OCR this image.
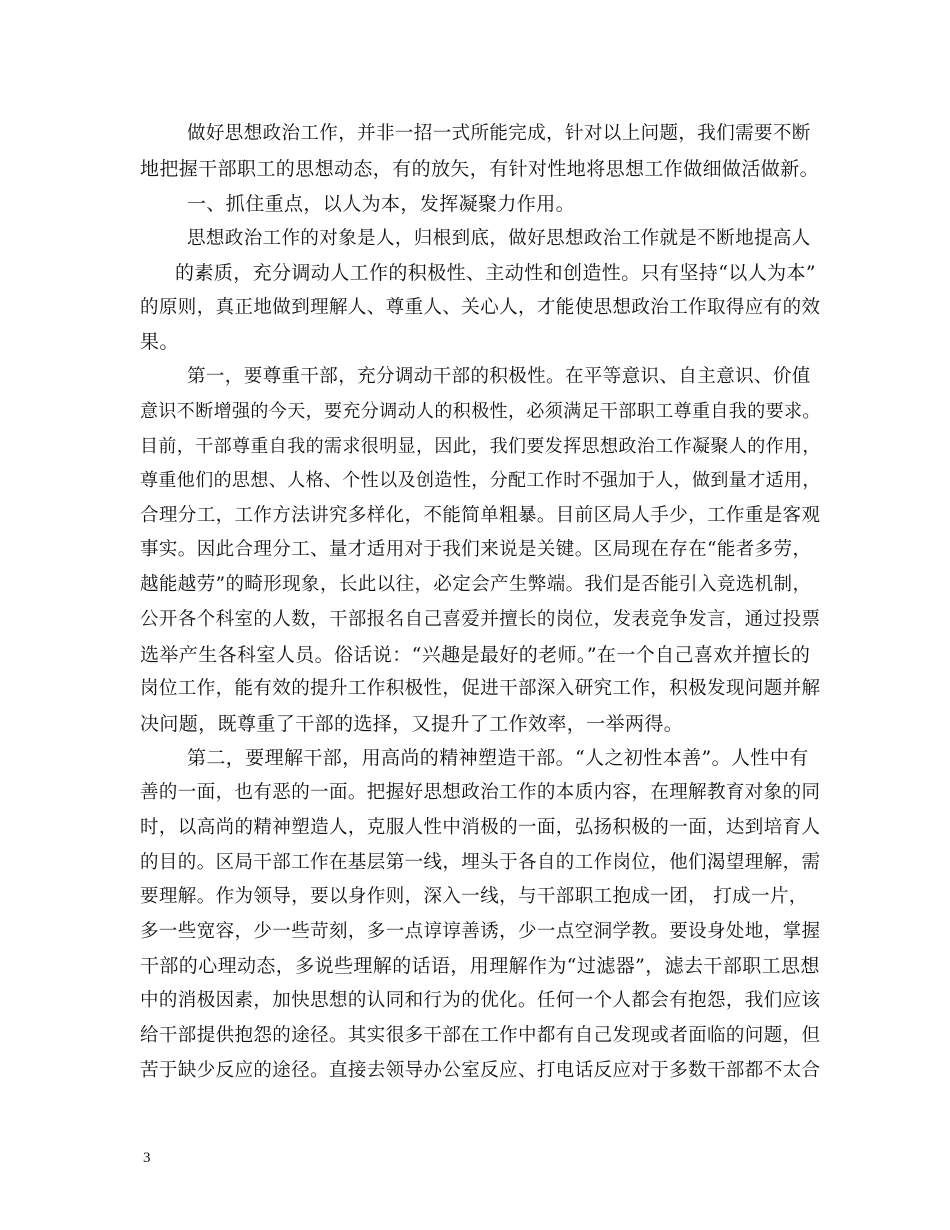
做好思想政治工作，并非一招一式所能完成，针对以上问题，我们需要不断
地把握干部职工的思想动态，有的放矢，有针对性地将思想工作做细做活做新。
一、抓住重点，以人为本，发挥凝聚力作用。
思想政治工作的对象是人，归根到底，做好思想政治工作就是不断地提高人
的素质，充分调动人工作的积极性、主动性和创造性。只有坚持“以人为本”
的原则，真正地做到理解人、尊重人、关心人，才能使思想政治工作取得应有的效
果。
第一，要尊重干部，充分调动干部的积极性。在平等意识、自主意识、价值
意识不断增强的今天，要充分调动人的积极性，必须满足干部职工尊重自我的要求。
目前，干部尊重自我的需求很明显，因此，我们要发挥思想政治工作凝聚人的作用，
尊重他们的思想、人格、个性以及创造性，分配工作时不强加于人，做到量才适用，
合理分工，工作方法讲究多样化，不能简单粗暴。目前区局人手少，工作重是客观
事实。因此合理分工、量才适用对于我们来说是关键。区局现在存在“能者多劳，
越能越劳”的畸形现象，长此以往，必定会产生弊端。我们是否能引入竞选机制，
公开各个科室的人数，干部报名自己喜爱并擅长的岗位，发表竞争发言，通过投票
选举产生各科室人员。俗话说：“兴趣是最好的老师。”在一个自己喜欢并擅长的
岗位工作，能有效的提升工作积极性，促进干部深入研究工作，积极发现问题并解
决问题，既尊重了干部的选择，又提升了工作效率，一举两得。
第二，要理解干部，用高尚的精神塑造干部。“人之初性本善”。人性中有
善的一面，也有恶的一面。把握好思想政治工作的本质内容，在理解教育对象的同
时，以高尚的精神塑造人，克服人性中消极的一面，弘扬积极的一面，达到培育人
的目的。区局干部工作在基层第一线，埋头于各自的工作岗位，他们渴望理解，需
要理解。作为领导，要以身作则，深入一线，与干部职工抱成一团， 打成一片，
多一些宽容，少一些苛刻，多一点谆谆善诱，少一点空洞学教。要设身处地，掌握
干部的心理动态，多说些理解的话语，用理解作为“过滤器”，滤去干部职工思想
中的消极因素，加快思想的认同和行为的优化。任何一个人都会有抱怨，我们应该
给干部提供抱怨的途径。其实很多干部在工作中都有自己发现或者面临的问题，但
苦于缺少反应的途径。直接去领导办公室反应、打电话反应对于多数干部都不太合
3
